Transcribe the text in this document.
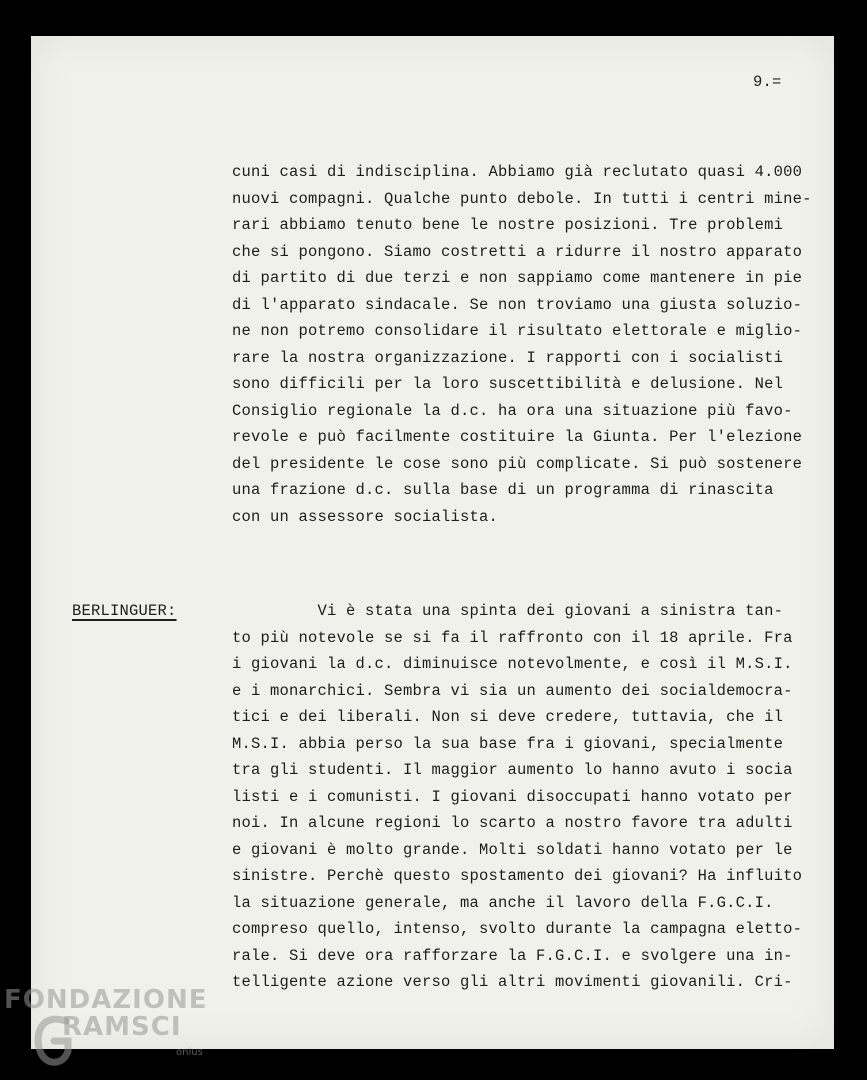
9.=
cuni casi di indisciplina. Abbiamo già reclutato quasi 4.000
nuovi compagni. Qualche punto debole. In tutti i centri mine-
rari abbiamo tenuto bene le nostre posizioni. Tre problemi
che si pongono. Siamo costretti a ridurre il nostro apparato
di partito di due terzi e non sappiamo come mantenere in pie
di l'apparato sindacale. Se non troviamo una giusta soluzio-
ne non potremo consolidare il risultato elettorale e miglio-
rare la nostra organizzazione. I rapporti con i socialisti
sono difficili per la loro suscettibilità e delusione. Nel
Consiglio regionale la d.c. ha ora una situazione più favo-
revole e può facilmente costituire la Giunta. Per l'elezione
del presidente le cose sono più complicate. Si può sostenere
una frazione d.c. sulla base di un programma di rinascita
con un assessore socialista.
BERLINGUER:	Vi è stata una spinta dei giovani a sinistra tan-
to più notevole se si fa il raffronto con il 18 aprile. Fra
i giovani la d.c. diminuisce notevolmente, e così il M.S.I.
e i monarchici. Sembra vi sia un aumento dei socialdemocra-
tici e dei liberali. Non si deve credere, tuttavia, che il
M.S.I. abbia perso la sua base fra i giovani, specialmente
tra gli studenti. Il maggior aumento lo hanno avuto i socia
listi e i comunisti. I giovani disoccupati hanno votato per
noi. In alcune regioni lo scarto a nostro favore tra adulti
e giovani è molto grande. Molti soldati hanno votato per le
sinistre. Perchè questo spostamento dei giovani? Ha influito
la situazione generale, ma anche il lavoro della F.G.C.I.
compreso quello, intenso, svolto durante la campagna eletto-
rale. Si deve ora rafforzare la F.G.C.I. e svolgere una in-
telligente azione verso gli altri movimenti giovanili. Cri-
FONDAZIONE
RAMSCI
onlus
